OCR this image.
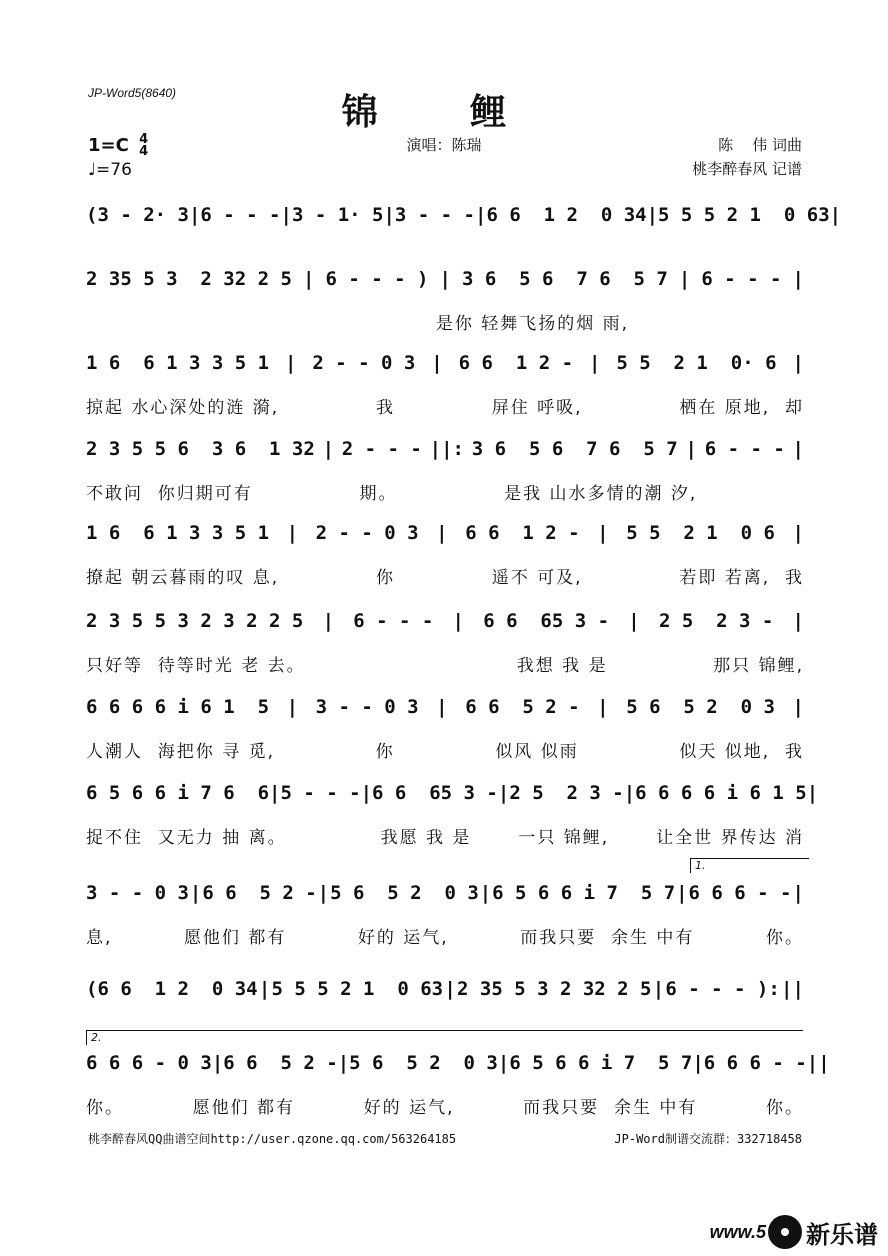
JP-Word5(8640)	锦 鲤
演唱：陈瑞
1=C 4
4
♩=76
陈    伟 词曲
桃李醉春风 记谱
(3 - 2· 3 | 6 - - - | 3 - 1· 5 | 3 - - - | 6 6  1 2  0 34 | 5 5 5 2 1  0 63 |
2 35 5 3  2 32 2 5 | 6 - - - ) | 3 6  5 6  7 6  5 7 | 6 - - - |
是你 轻舞飞扬的烟 雨,
1 6  6 1 3 3 5 1 | 2 - - 0 3 | 6 6  1 2 - | 5 5  2 1  0· 6 |
掠起 水心深处的涟 漪,	我	屏住 呼吸,	栖在 原地,  却
2 3 5 5 6  3 6  1 32 | 2 - - - ||: 3 6  5 6  7 6  5 7 | 6 - - - |
不敢问  你归期可有	期。	是我 山水多情的潮 汐,
1 6  6 1 3 3 5 1 | 2 - - 0 3 | 6 6  1 2 - | 5 5  2 1  0 6 |
撩起 朝云暮雨的叹 息,	你	遥不 可及,	若即 若离,  我
2 3 5 5 3 2 3 2 2 5 | 6 - - - | 6 6  65 3 - | 2 5  2 3 - |
只好等  待等时光 老 去。	我想 我 是	那只 锦鲤,
6 6 6 6 i 6 1  5 | 3 - - 0 3 | 6 6  5 2 - | 5 6  5 2  0 3 |
人潮人  海把你 寻 觅,	你	似风 似雨	似天 似地,  我
6 5 6 6 i 7 6  6 | 5 - - - | 6 6  65 3 - | 2 5  2 3 - | 6 6 6 6 i 6 1 5 |
捉不住  又无力 抽 离。	我愿 我 是	一只 锦鲤,	让全世 界传达 消
3 - - 0 3 | 6 6  5 2 - | 5 6  5 2  0 3 | 6 5 6 6 i 7  5 7 | 6 6 6 - - |
息,	愿他们 都有	好的 运气,	而我只要  余生 中有	你。
(6 6  1 2  0 34 | 5 5 5 2 1  0 63 | 2 35 5 3 2 32 2 5 | 6 - - - ): ||
6 6 6 - 0 3 | 6 6  5 2 - | 5 6  5 2  0 3 | 6 5 6 6 i 7  5 7 | 6 6 6 - - ||
你。	愿他们 都有	好的 运气,	而我只要  余生 中有	你。
1.
2.
桃李醉春风QQ曲谱空间http://user.qzone.qq.com/563264185	JP-Word制谱交流群：332718458
www.5 新乐谱
